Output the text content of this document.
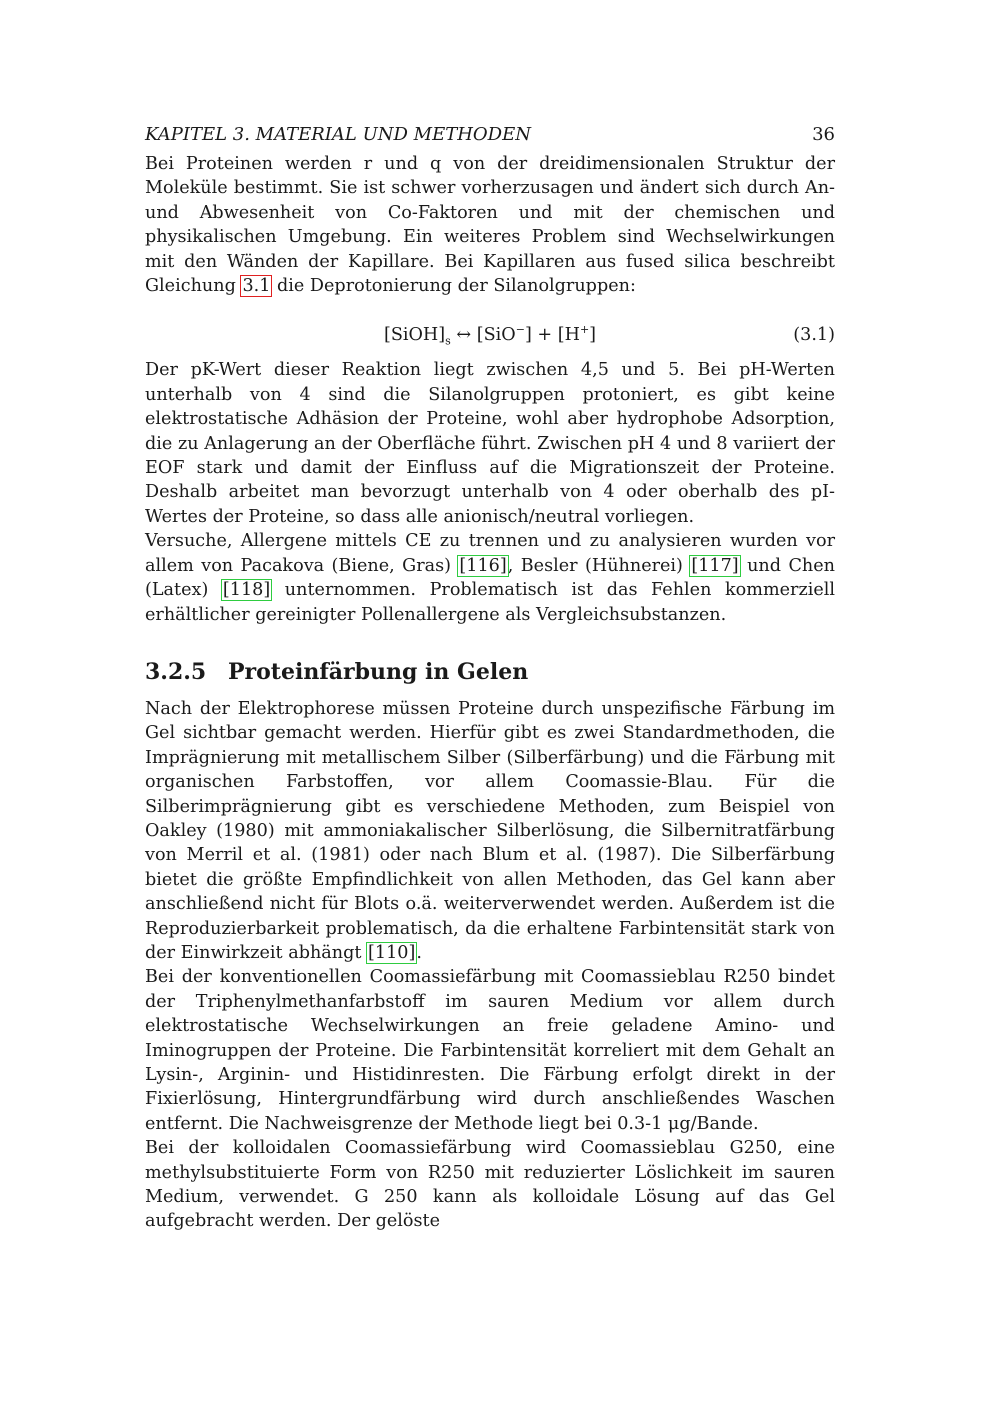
KAPITEL 3. MATERIAL UND METHODEN	36

Bei Proteinen werden r und q von der dreidimensionalen Struktur der Moleküle bestimmt. Sie ist schwer vorherzusagen und ändert sich durch An- und Abwesenheit von Co-Faktoren und mit der chemischen und physikalischen Umgebung. Ein weiteres Problem sind Wechselwirkungen mit den Wänden der Kapillare. Bei Kapillaren aus fused silica beschreibt Gleichung 3.1 die Deprotonierung der Silanolgruppen:

$[SiOH]_s$ ↔ [SiO−] + [H+]	(3.1)

Der pK-Wert dieser Reaktion liegt zwischen 4,5 und 5. Bei pH-Werten unterhalb von 4 sind die Silanolgruppen protoniert, es gibt keine elektrostatische Adhäsion der Proteine, wohl aber hydrophobe Adsorption, die zu Anlagerung an der Oberfläche führt. Zwischen pH 4 und 8 variiert der EOF stark und damit der Einfluss auf die Migrationszeit der Proteine. Deshalb arbeitet man bevorzugt unterhalb von 4 oder oberhalb des pI-Wertes der Proteine, so dass alle anionisch/neutral vorliegen.

Versuche, Allergene mittels CE zu trennen und zu analysieren wurden vor allem von Pacakova (Biene, Gras) [116], Besler (Hühnerei) [117] und Chen (Latex) [118] unternommen. Problematisch ist das Fehlen kommerziell erhältlicher gereinigter Pollenallergene als Vergleichsubstanzen.

3.2.5 Proteinfärbung in Gelen

Nach der Elektrophorese müssen Proteine durch unspezifische Färbung im Gel sichtbar gemacht werden. Hierfür gibt es zwei Standardmethoden, die Imprägnierung mit metallischem Silber (Silberfärbung) und die Färbung mit organischen Farbstoffen, vor allem Coomassie-Blau. Für die Silberimprägnierung gibt es verschiedene Methoden, zum Beispiel von Oakley (1980) mit ammoniakalischer Silberlösung, die Silbernitratfärbung von Merril et al. (1981) oder nach Blum et al. (1987). Die Silberfärbung bietet die größte Empfindlichkeit von allen Methoden, das Gel kann aber anschließend nicht für Blots o.ä. weiterverwendet werden. Außerdem ist die Reproduzierbarkeit problematisch, da die erhaltene Farbintensität stark von der Einwirkzeit abhängt [110].

Bei der konventionellen Coomassiefärbung mit Coomassieblau R250 bindet der Triphenylmethanfarbstoff im sauren Medium vor allem durch elektrostatische Wechselwirkungen an freie geladene Amino- und Iminogruppen der Proteine. Die Farbintensität korreliert mit dem Gehalt an Lysin-, Arginin- und Histidinresten. Die Färbung erfolgt direkt in der Fixierlösung, Hintergrundfärbung wird durch anschließendes Waschen entfernt. Die Nachweisgrenze der Methode liegt bei 0.3-1 μg/Bande.

Bei der kolloidalen Coomassiefärbung wird Coomassieblau G250, eine methylsubstituierte Form von R250 mit reduzierter Löslichkeit im sauren Medium, verwendet. G 250 kann als kolloidale Lösung auf das Gel aufgebracht werden. Der gelöste
